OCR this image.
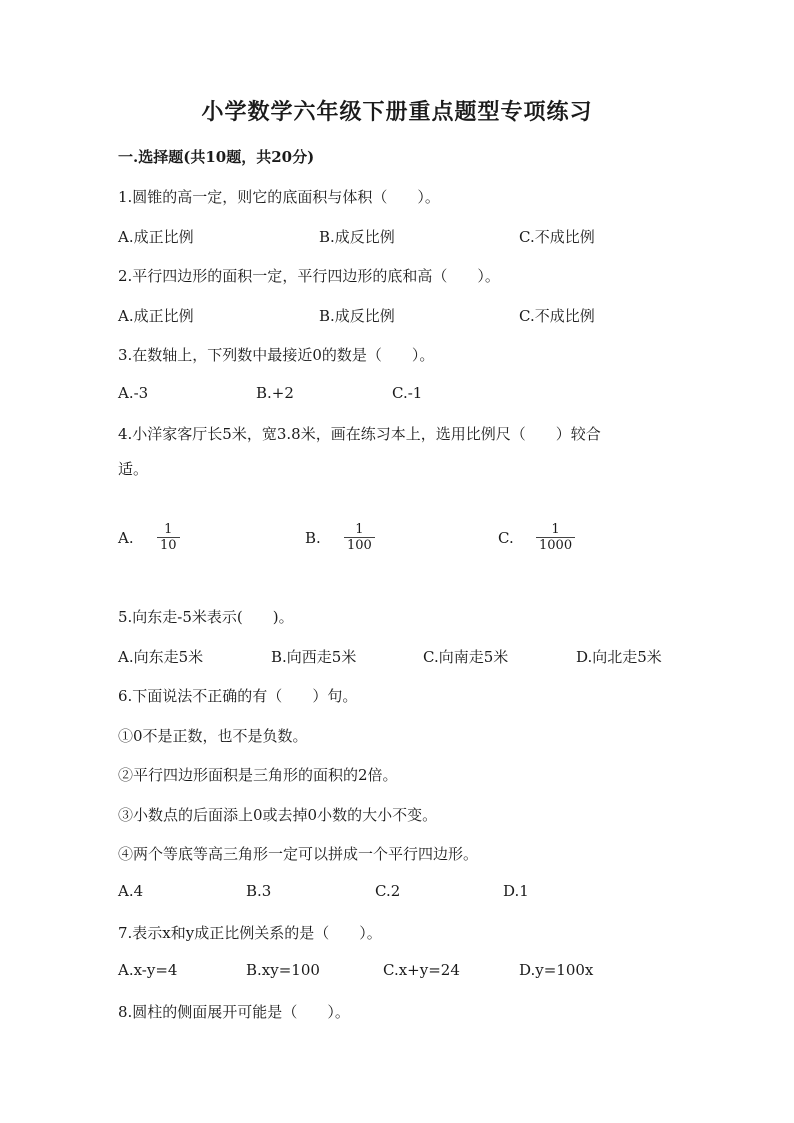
小学数学六年级下册重点题型专项练习
一.选择题(共10题，共20分)
1.圆锥的高一定，则它的底面积与体积（　　）。
A.成正比例	B.成反比例	C.不成比例
2.平行四边形的面积一定，平行四边形的底和高（　　）。
A.成正比例	B.成反比例	C.不成比例
3.在数轴上，下列数中最接近0的数是（　　）。
A.-3	B.+2	C.-1
4.小洋家客厅长5米，宽3.8米，画在练习本上，选用比例尺（　　）较合
适。
A.	1
10	B.	1
100	C.	1
1000
5.向东走-5米表示(　　)。
A.向东走5米	B.向西走5米	C.向南走5米	D.向北走5米
6.下面说法不正确的有（　　）句。
①0不是正数，也不是负数。
②平行四边形面积是三角形的面积的2倍。
③小数点的后面添上0或去掉0小数的大小不变。
④两个等底等高三角形一定可以拼成一个平行四边形。
A.4	B.3	C.2	D.1
7.表示x和y成正比例关系的是（　　）。
A.x-y=4	B.xy=100	C.x+y=24	D.y=100x
8.圆柱的侧面展开可能是（　　）。
